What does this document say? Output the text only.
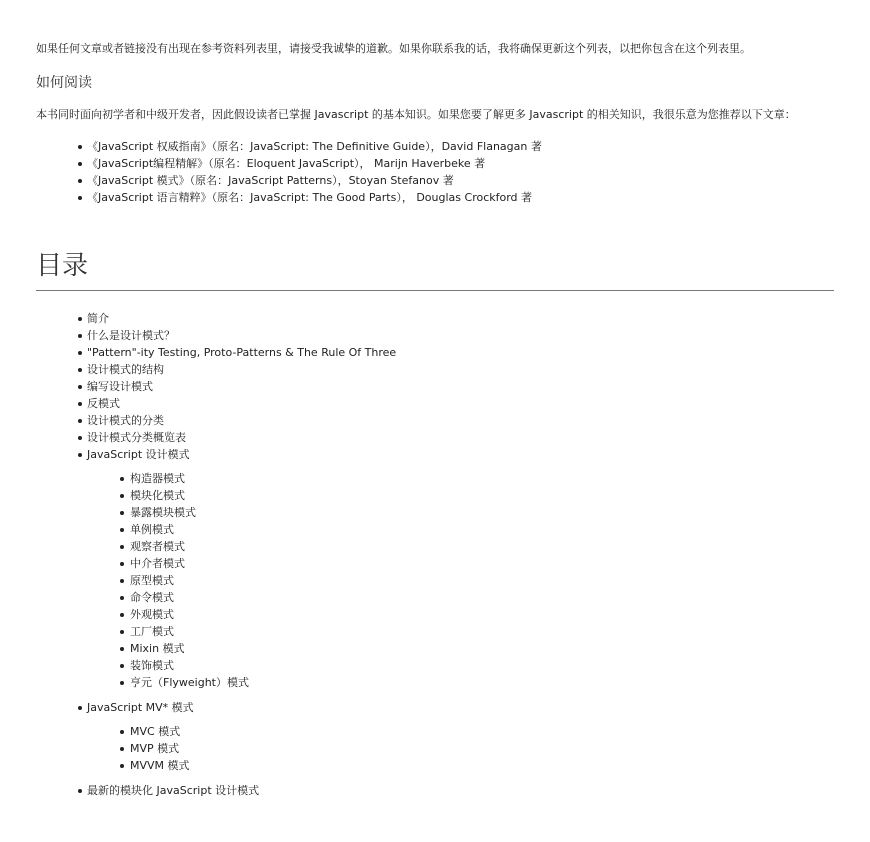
如果任何文章或者链接没有出现在参考资料列表里，请接受我诚挚的道歉。如果你联系我的话，我将确保更新这个列表，以把你包含在这个列表里。

如何阅读

本书同时面向初学者和中级开发者，因此假设读者已掌握 Javascript 的基本知识。如果您要了解更多 Javascript 的相关知识，我很乐意为您推荐以下文章：

《JavaScript 权威指南》（原名：JavaScript: The Definitive Guide），David Flanagan 著
《JavaScript编程精解》（原名：Eloquent JavaScript）， Marijn Haverbeke 著
《JavaScript 模式》（原名：JavaScript Patterns），Stoyan Stefanov 著
《JavaScript 语言精粹》（原名：JavaScript: The Good Parts）， Douglas Crockford 著
目录
简介
什么是设计模式？
"Pattern"-ity Testing, Proto-Patterns & The Rule Of Three
设计模式的结构
编写设计模式
反模式
设计模式的分类
设计模式分类概览表
JavaScript 设计模式
构造器模式
模块化模式
暴露模块模式
单例模式
观察者模式
中介者模式
原型模式
命令模式
外观模式
工厂模式
Mixin 模式
装饰模式
亨元（Flyweight）模式
JavaScript MV* 模式
MVC 模式
MVP 模式
MVVM 模式
最新的模块化 JavaScript 设计模式
